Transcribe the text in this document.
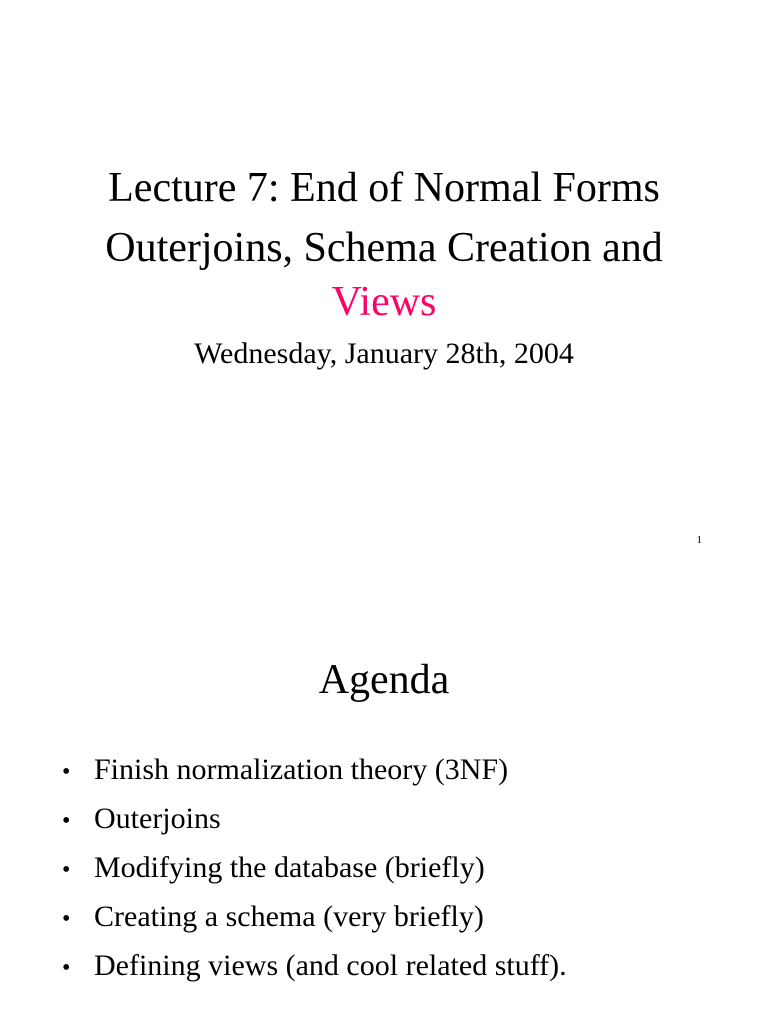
Lecture 7: End of Normal Forms
Outerjoins, Schema Creation and
Views
Wednesday, January 28th, 2004
1
Agenda
• Finish normalization theory (3NF)
• Outerjoins
• Modifying the database (briefly)
• Creating a schema (very briefly)
• Defining views (and cool related stuff).
